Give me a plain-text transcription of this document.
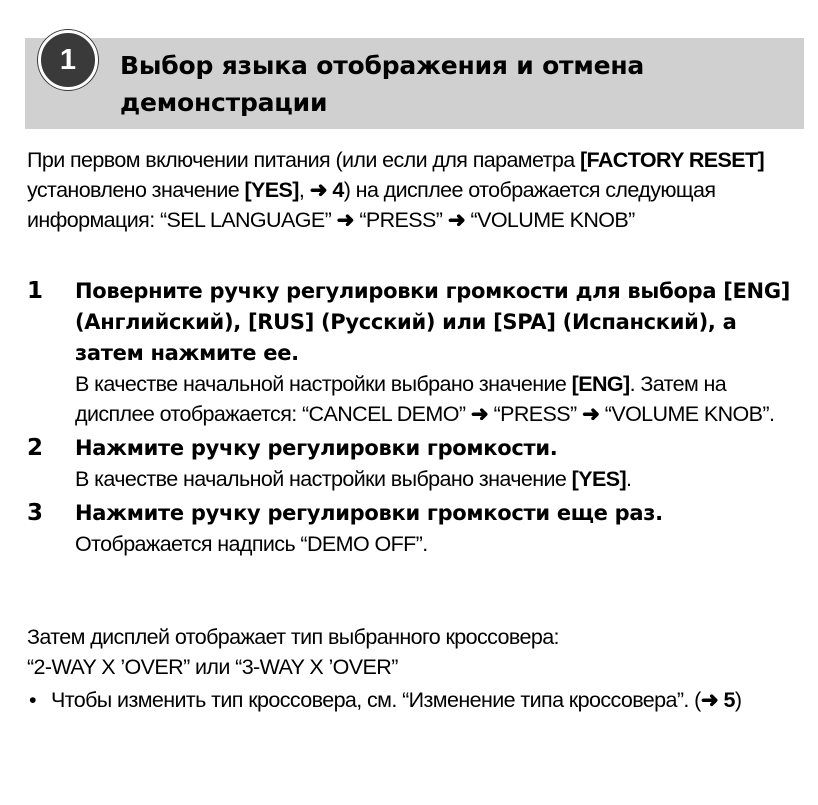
1	Выбор языка отображения и отмена демонстрации
При первом включении питания (или если для параметра [FACTORY RESET] установлено значение [YES], ➜ 4) на дисплее отображается следующая информация: “SEL LANGUAGE” ➜ “PRESS” ➜ “VOLUME KNOB”
1 Поверните ручку регулировки громкости для выбора [ENG] (Английский), [RUS] (Русский) или [SPA] (Испанский), а затем нажмите ее.
В качестве начальной настройки выбрано значение [ENG]. Затем на дисплее отображается: “CANCEL DEMO” ➜ “PRESS” ➜ “VOLUME KNOB”.
2 Нажмите ручку регулировки громкости.
В качестве начальной настройки выбрано значение [YES].
3 Нажмите ручку регулировки громкости еще раз.
Отображается надпись “DEMO OFF”.
Затем дисплей отображает тип выбранного кроссовера:
“2-WAY X ’OVER” или “3-WAY X ’OVER”
• Чтобы изменить тип кроссовера, см. “Изменение типа кроссовера”. (➜ 5)
